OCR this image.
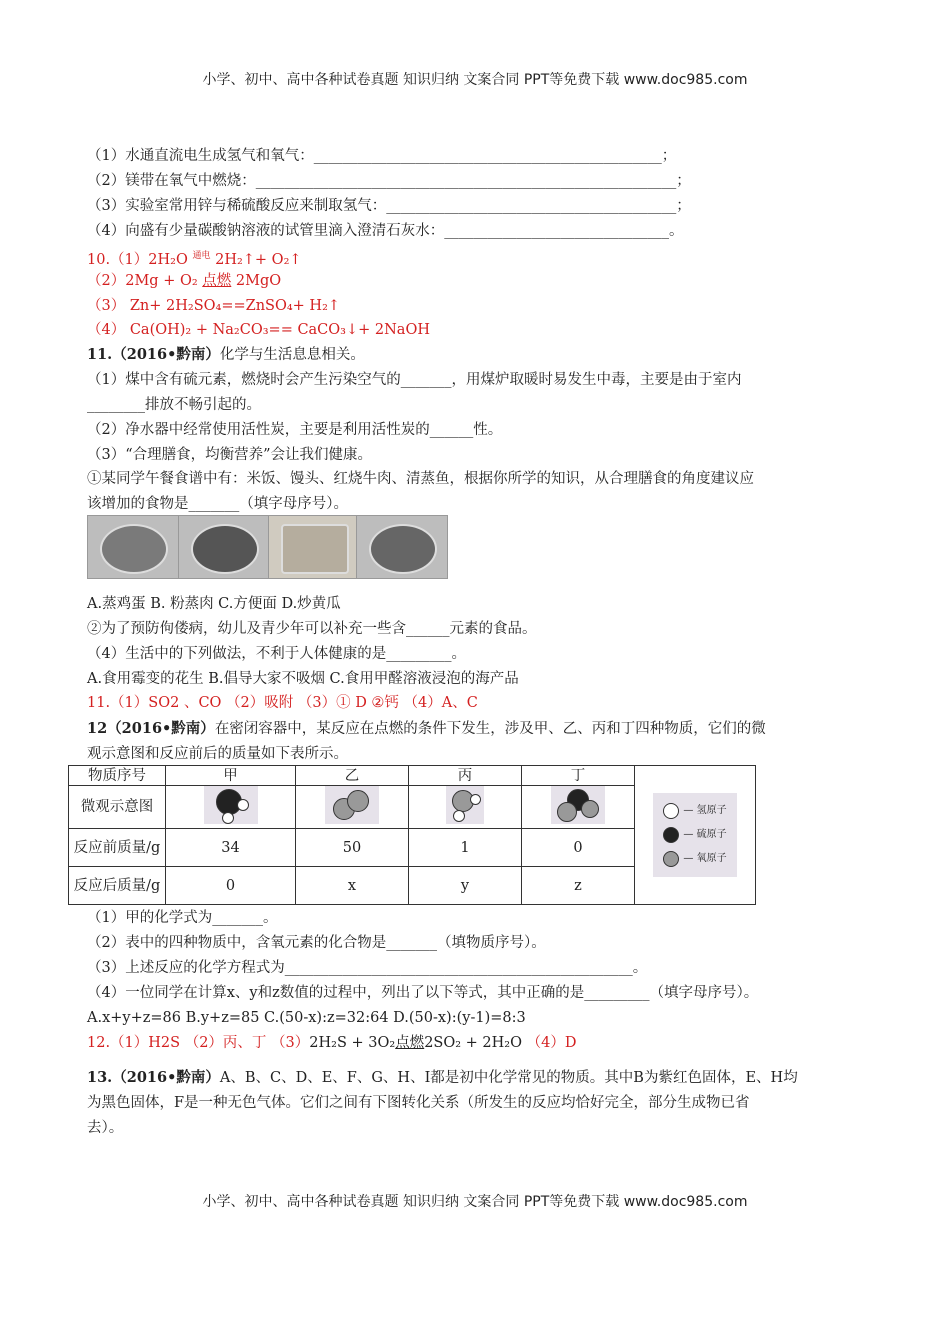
小学、初中、高中各种试卷真题 知识归纳 文案合同 PPT等免费下载 www.doc985.com
（1）水通直流电生成氢气和氧气：________________________________________________；
（2）镁带在氧气中燃烧：__________________________________________________________；
（3）实验室常用锌与稀硫酸反应来制取氢气：________________________________________；
（4）向盛有少量碳酸钠溶液的试管里滴入澄清石灰水：_______________________________。
10.（1）2H₂O $^{通电}$ 2H₂↑+ O₂↑
（2）2Mg + O₂ 点燃 2MgO
（3） Zn+ 2H₂SO₄==ZnSO₄+ H₂↑
（4） Ca(OH)₂ + Na₂CO₃== CaCO₃↓+ 2NaOH
11.（2016•黔南）化学与生活息息相关。
（1）煤中含有硫元素，燃烧时会产生污染空气的_______，用煤炉取暖时易发生中毒，主要是由于室内
________排放不畅引起的。
（2）净水器中经常使用活性炭，主要是利用活性炭的______性。
（3）“合理膳食，均衡营养”会让我们健康。
①某同学午餐食谱中有：米饭、馒头、红烧牛肉、清蒸鱼，根据你所学的知识，从合理膳食的角度建议应
该增加的食物是_______（填字母序号）。
A.蒸鸡蛋 B. 粉蒸肉 C.方便面 D.炒黄瓜
②为了预防佝偻病，幼儿及青少年可以补充一些含______元素的食品。
（4）生活中的下列做法，不利于人体健康的是_________。
A.食用霉变的花生 B.倡导大家不吸烟 C.食用甲醛溶液浸泡的海产品
11.（1）SO2 、CO （2）吸附 （3）① D ②钙 （4）A、C
12（2016•黔南）在密闭容器中，某反应在点燃的条件下发生，涉及甲、乙、丙和丁四种物质，它们的微
观示意图和反应前后的质量如下表所示。
物质序号	甲	乙	丙	丁	— 氢原子
— 硫原子
— 氧原子

微观示意图		

反应前质量/g	34	50	1	0	
反应后质量/g	0	x	y	z	
（1）甲的化学式为_______。
（2）表中的四种物质中，含氧元素的化合物是_______（填物质序号）。
（3）上述反应的化学方程式为________________________________________________。
（4）一位同学在计算x、y和z数值的过程中，列出了以下等式，其中正确的是_________（填字母序号）。
A.x+y+z=86 B.y+z=85 C.(50-x):z=32:64 D.(50-x):(y-1)=8:3
12.（1）H2S （2）丙、丁 （3）2H₂S + 3O₂点燃2SO₂ + 2H₂O （4）D
13.（2016•黔南）A、B、C、D、E、F、G、H、I都是初中化学常见的物质。其中B为紫红色固体，E、H均
为黑色固体，F是一种无色气体。它们之间有下图转化关系（所发生的反应均恰好完全，部分生成物已省
去）。
小学、初中、高中各种试卷真题 知识归纳 文案合同 PPT等免费下载 www.doc985.com
